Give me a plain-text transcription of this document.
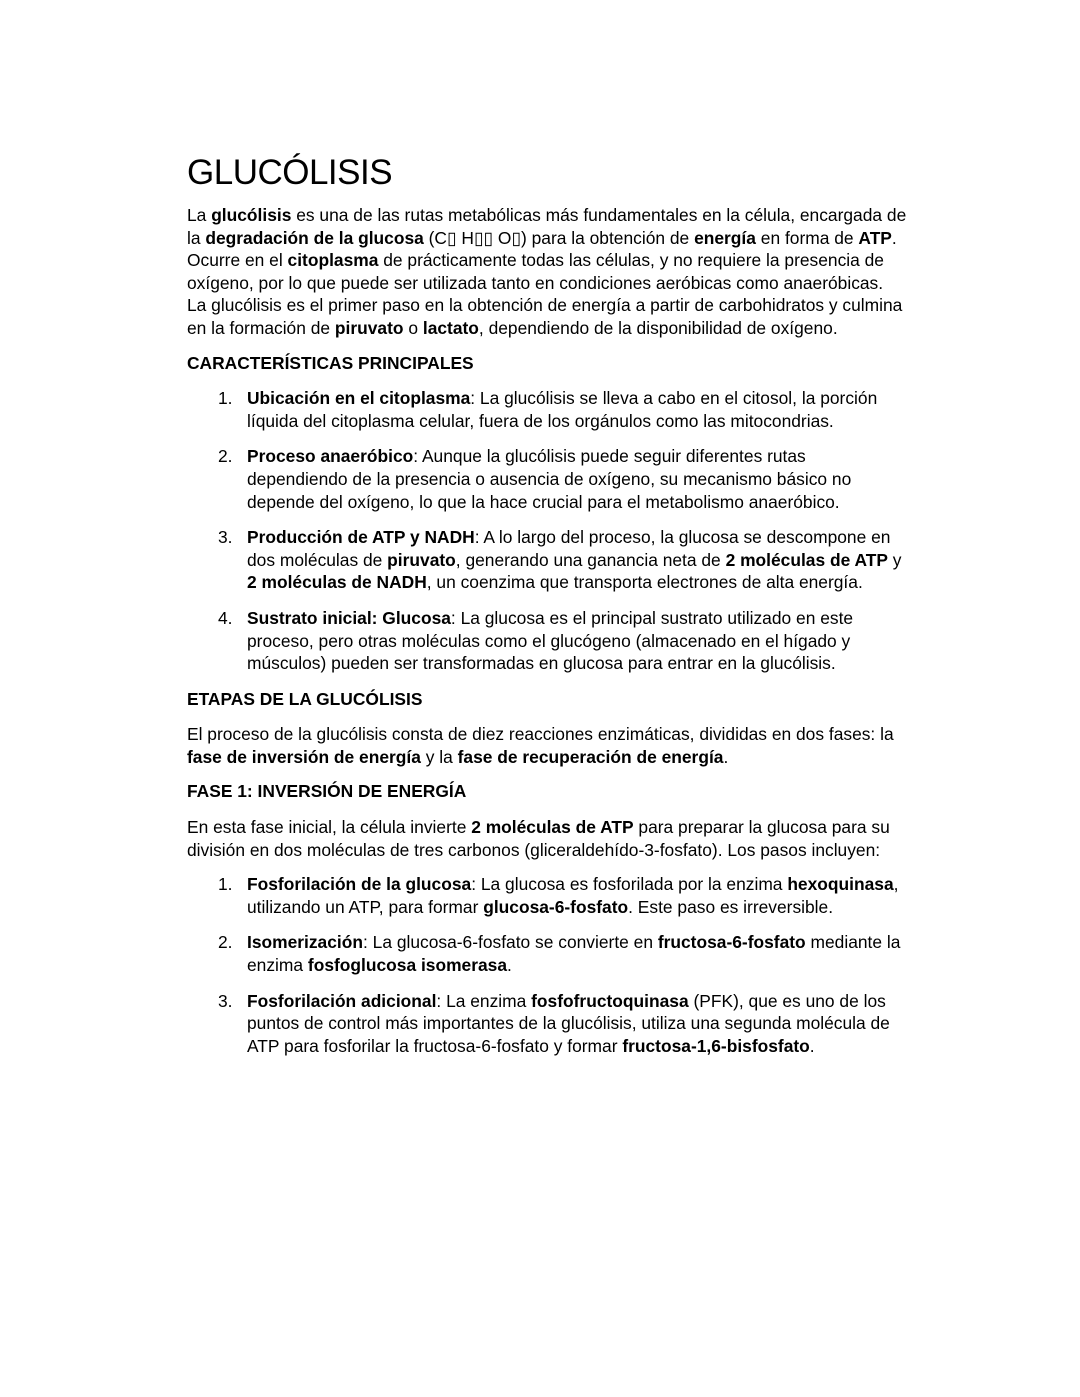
GLUCÓLISIS

La glucólisis es una de las rutas metabólicas más fundamentales en la célula, encargada de la degradación de la glucosa (C▯ H▯▯ O▯) para la obtención de energía en forma de ATP. Ocurre en el citoplasma de prácticamente todas las células, y no requiere la presencia de oxígeno, por lo que puede ser utilizada tanto en condiciones aeróbicas como anaeróbicas. La glucólisis es el primer paso en la obtención de energía a partir de carbohidratos y culmina en la formación de piruvato o lactato, dependiendo de la disponibilidad de oxígeno.

CARACTERÍSTICAS PRINCIPALES
1. Ubicación en el citoplasma: La glucólisis se lleva a cabo en el citosol, la porción líquida del citoplasma celular, fuera de los orgánulos como las mitocondrias.
2. Proceso anaeróbico: Aunque la glucólisis puede seguir diferentes rutas dependiendo de la presencia o ausencia de oxígeno, su mecanismo básico no depende del oxígeno, lo que la hace crucial para el metabolismo anaeróbico.
3. Producción de ATP y NADH: A lo largo del proceso, la glucosa se descompone en dos moléculas de piruvato, generando una ganancia neta de 2 moléculas de ATP y 2 moléculas de NADH, un coenzima que transporta electrones de alta energía.
4. Sustrato inicial: Glucosa: La glucosa es el principal sustrato utilizado en este proceso, pero otras moléculas como el glucógeno (almacenado en el hígado y músculos) pueden ser transformadas en glucosa para entrar en la glucólisis.
ETAPAS DE LA GLUCÓLISIS

El proceso de la glucólisis consta de diez reacciones enzimáticas, divididas en dos fases: la fase de inversión de energía y la fase de recuperación de energía.

FASE 1: INVERSIÓN DE ENERGÍA

En esta fase inicial, la célula invierte 2 moléculas de ATP para preparar la glucosa para su división en dos moléculas de tres carbonos (gliceraldehído-3-fosfato). Los pasos incluyen:

1. Fosforilación de la glucosa: La glucosa es fosforilada por la enzima hexoquinasa, utilizando un ATP, para formar glucosa-6-fosfato. Este paso es irreversible.
2. Isomerización: La glucosa-6-fosfato se convierte en fructosa-6-fosfato mediante la enzima fosfoglucosa isomerasa.
3. Fosforilación adicional: La enzima fosfofructoquinasa (PFK), que es uno de los puntos de control más importantes de la glucólisis, utiliza una segunda molécula de ATP para fosforilar la fructosa-6-fosfato y formar fructosa-1,6-bisfosfato.
